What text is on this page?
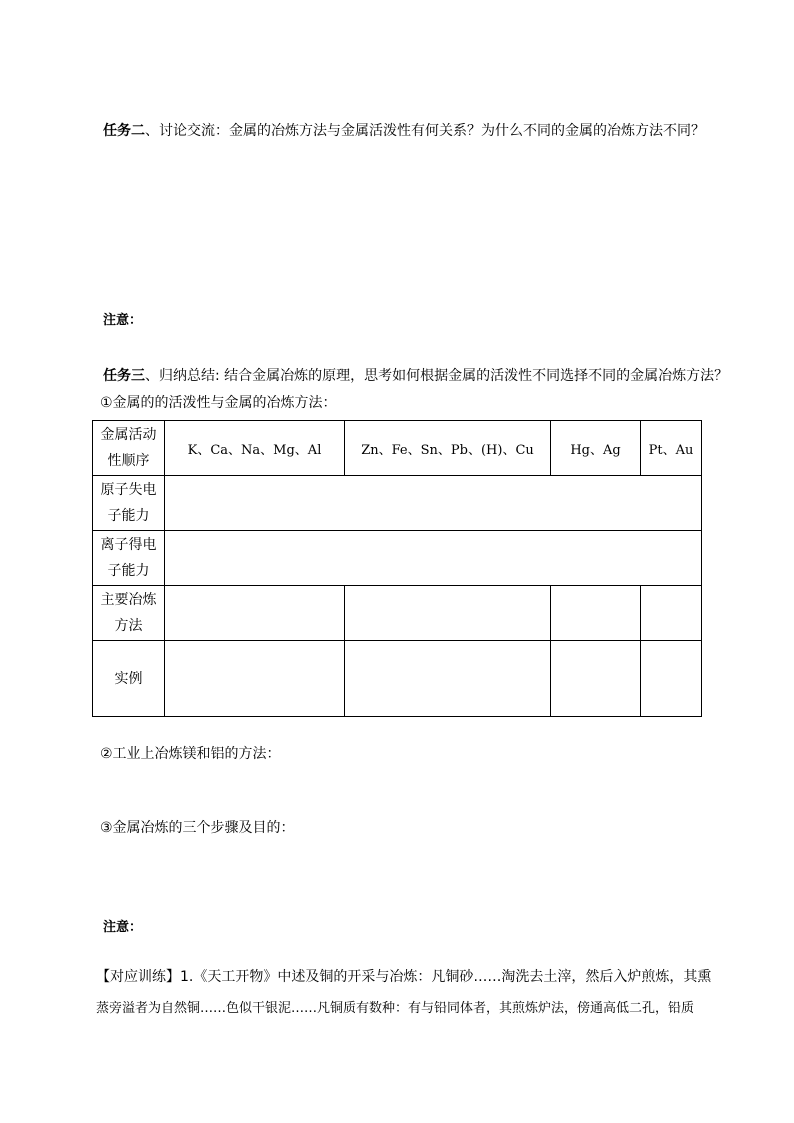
任务二、讨论交流：金属的冶炼方法与金属活泼性有何关系？为什么不同的金属的冶炼方法不同？
注意：
任务三、归纳总结: 结合金属冶炼的原理，思考如何根据金属的活泼性不同选择不同的金属冶炼方法？
①金属的的活泼性与金属的冶炼方法：
金属活动
性顺序	K、Ca、Na、Mg、Al	Zn、Fe、Sn、Pb、(H)、Cu	Hg、Ag	Pt、Au

原子失电
子能力				

离子得电
子能力				

主要冶炼
方法				

实例				
②工业上冶炼镁和铝的方法：
③金属冶炼的三个步骤及目的：
注意：
【对应训练】1.《天工开物》中述及铜的开采与冶炼：凡铜砂……淘洗去土滓，然后入炉煎炼，其熏
蒸旁溢者为自然铜……色似干银泥……凡铜质有数种：有与铅同体者，其煎炼炉法，傍通高低二孔，铅质
